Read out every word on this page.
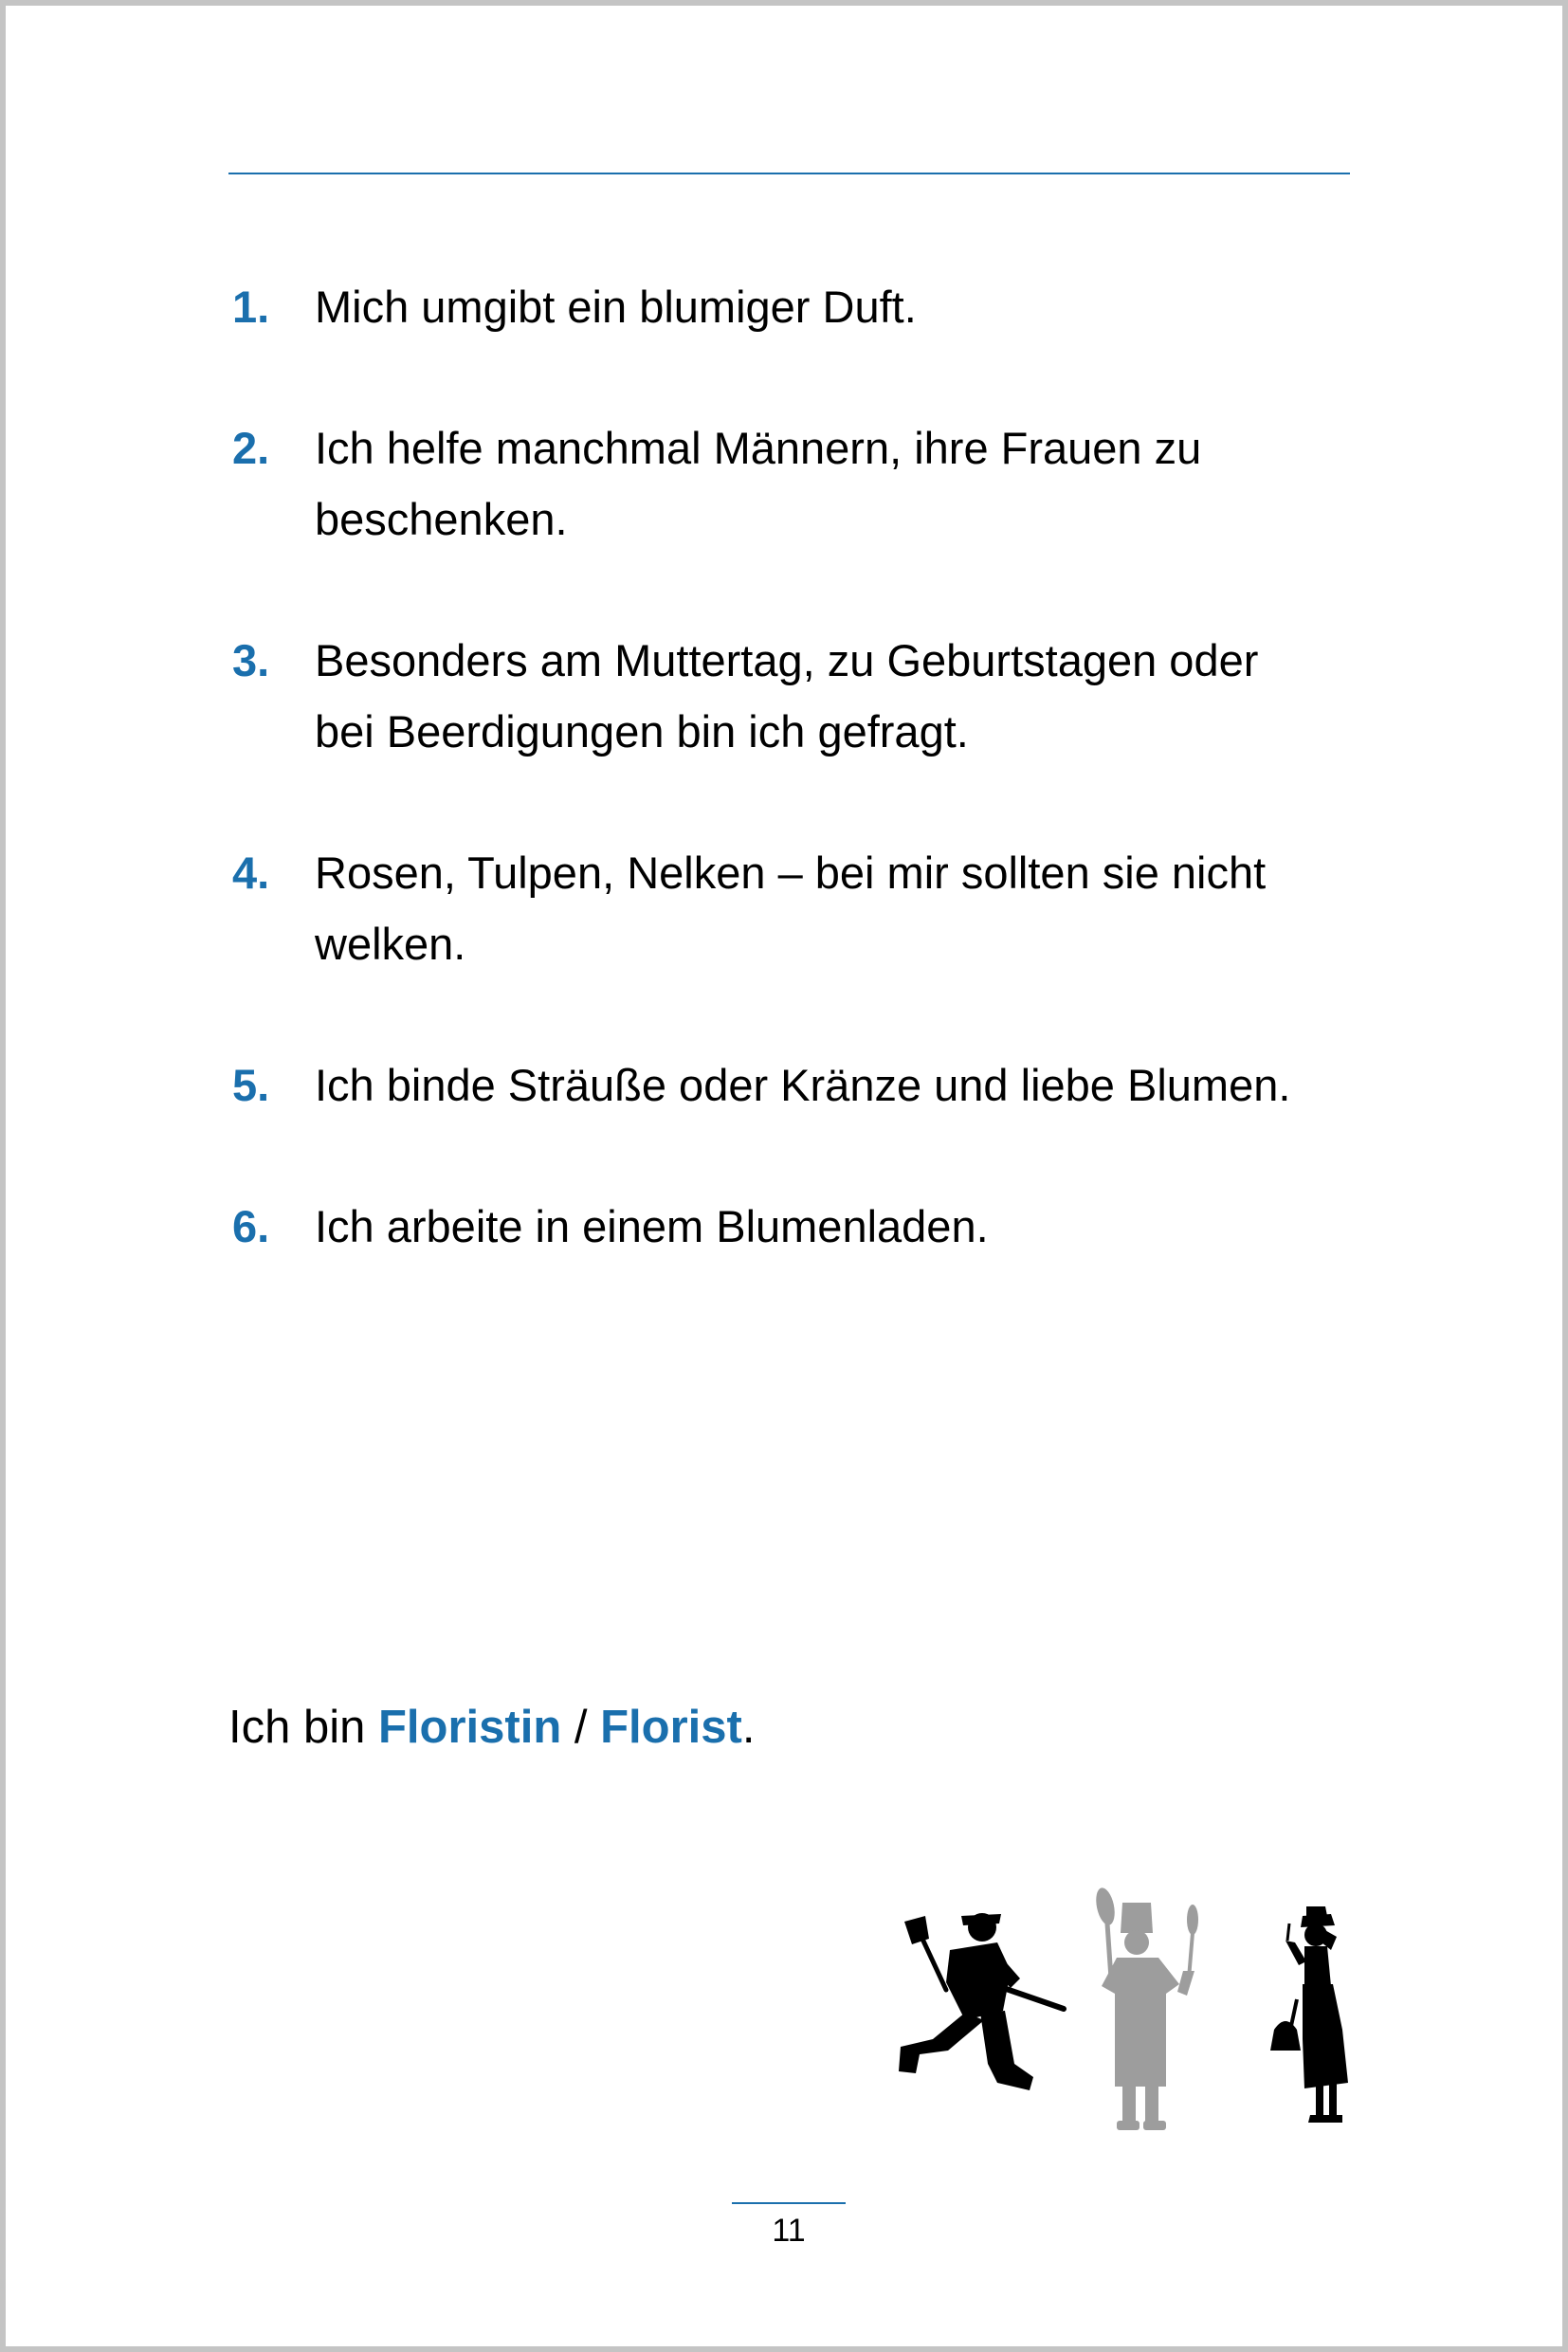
1. Mich umgibt ein blumiger Duft.
2. Ich helfe manchmal Männern, ihre Frauen zu beschenken.
3. Besonders am Muttertag, zu Geburtstagen oder bei Beerdigungen bin ich gefragt.
4. Rosen, Tulpen, Nelken – bei mir sollten sie nicht welken.
5. Ich binde Sträuße oder Kränze und liebe Blumen.
6. Ich arbeite in einem Blumenladen.
Ich bin Floristin / Florist.
11
